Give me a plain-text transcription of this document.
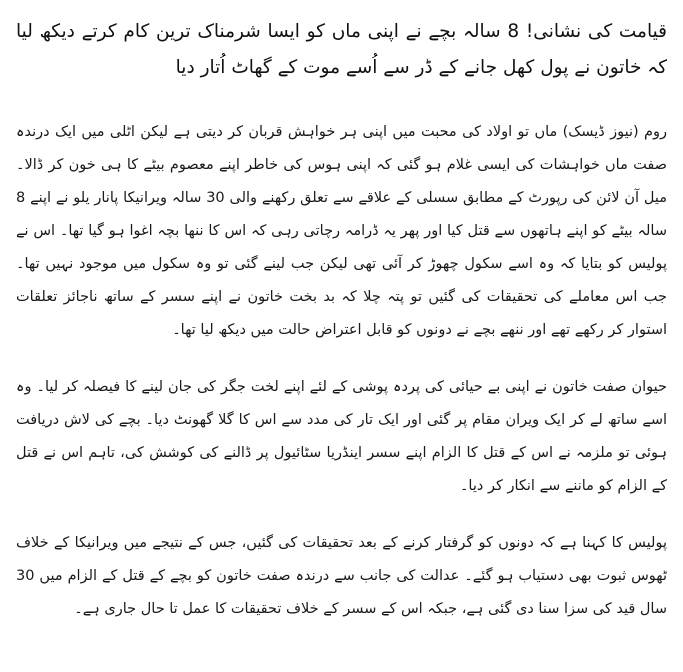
قیامت کی نشانی! 8 سالہ بچے نے اپنی ماں کو ایسا شرمناک ترین کام کرتے دیکھ لیا کہ خاتون نے پول کھل جانے کے ڈر سے اُسے موت کے گھاٹ اُتار دیا

روم (نیوز ڈیسک) ماں تو اولاد کی محبت میں اپنی ہر خواہش قربان کر دیتی ہے لیکن اٹلی میں ایک درندہ صفت ماں خواہشات کی ایسی غلام ہو گئی کہ اپنی ہوس کی خاطر اپنے معصوم بیٹے کا ہی خون کر ڈالا۔ میل آن لائن کی رپورٹ کے مطابق سسلی کے علاقے سے تعلق رکھنے والی 30 سالہ ویرانیکا پانار یلو نے اپنے 8 سالہ بیٹے کو اپنے ہاتھوں سے قتل کیا اور پھر یہ ڈرامہ رچاتی رہی کہ اس کا ننھا بچہ اغوا ہو گیا تھا۔ اس نے پولیس کو بتایا کہ وہ اسے سکول چھوڑ کر آئی تھی لیکن جب لینے گئی تو وہ سکول میں موجود نہیں تھا۔ جب اس معاملے کی تحقیقات کی گئیں تو پتہ چلا کہ بد بخت خاتون نے اپنے سسر کے ساتھ ناجائز تعلقات استوار کر رکھے تھے اور ننھے بچے نے دونوں کو قابل اعتراض حالت میں دیکھ لیا تھا۔

حیوان صفت خاتون نے اپنی بے حیائی کی پردہ پوشی کے لئے اپنے لخت جگر کی جان لینے کا فیصلہ کر لیا۔ وہ اسے ساتھ لے کر ایک ویران مقام پر گئی اور ایک تار کی مدد سے اس کا گلا گھونٹ دیا۔ بچے کی لاش دریافت ہوئی تو ملزمہ نے اس کے قتل کا الزام اپنے سسر اینڈریا سٹائیول پر ڈالنے کی کوشش کی، تاہم اس نے قتل کے الزام کو ماننے سے انکار کر دیا۔

پولیس کا کہنا ہے کہ دونوں کو گرفتار کرنے کے بعد تحقیقات کی گئیں، جس کے نتیجے میں ویرانیکا کے خلاف ٹھوس ثبوت بھی دستیاب ہو گئے۔ عدالت کی جانب سے درندہ صفت خاتون کو بچے کے قتل کے الزام میں 30 سال قید کی سزا سنا دی گئی ہے، جبکہ اس کے سسر کے خلاف تحقیقات کا عمل تا حال جاری ہے۔
